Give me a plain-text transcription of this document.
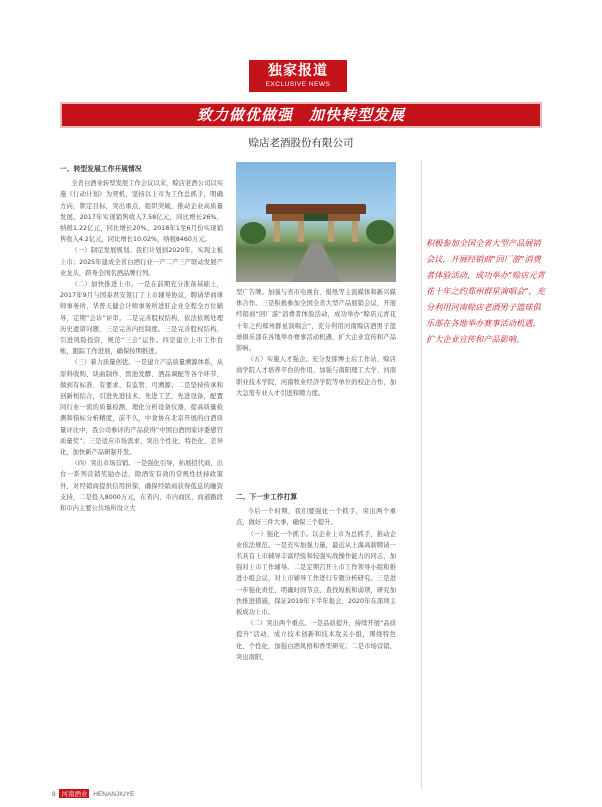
独家报道
EXCLUSIVE NEWS
致力做优做强　加快转型发展
赊店老酒股份有限公司

一、转型发展工作开展情况

全省白酒业转型发展工作会议以来，赊店老酒公司以实施《行动计划》为契机，坚持以上市为工作总抓手，明确方向，锁定目标，突出重点，组织突破，推动企业高质量发展。2017年实现销售收入7.58亿元，同比增长26%，纳税1.22亿元，同比增长20%。2018年1至6月份实现销售收入4.2亿元，同比增长10.02%，纳税8460万元。

（一）制定发展规划。我们计划到2020年，实现主板上市；2025年建成全省白酒行业一产二产三产联动发展产业龙头，跻身全国名酒品牌行列。

（二）加快推进上市。一是在前期充分准备基础上，2017年9月与国泰君安签订了上市辅导协议，聘请华商律师事务所、华普天健会计师事务所进驻企业全程全方位辅导，定期“会诊”评审。二是完善股权结构，依法依规处理历史遗留问题，三是完善内控制度。三是完善股权结构，引进风险投资，规范“三会”运作。四是建立上市工作台帐，跟踪工作进展，确保按期推进。

（三）着力质量创优。一是建立产品质量溯源体系，从原料收购、块曲制作、窖池发酵、酒品调配等各个环节，做到有标准、有要求、有监管、可溯源；二是坚持传承和创新相结合，引进先进技术、先进工艺、先进设备，配置同行业一流的质量检测、理化分析设备仪器，提高质量检测和指标分析精度，前不久，中食协在北京开展的白酒质量评比中，我公司参评的产品获得“中国白酒国家评委感官质量奖”；三是适应市场需求，突出个性化、特色化、差异化，加快新产品研制开发。

（四）突出市场营销。一是强化引导，拓展招代商，出台一系列营销奖励办法，除酒安有效的常规性扶持政策外，对经销商提供信用担保，确保经销商获得低息的融资支持，二是投入8000万元，在省内、市内商区、商道路段和市内主要公共场所设立大

型广告牌。加强与省市电视台、报纸等主流媒体和新兴媒体合作。三是积极参加全国全省大型产品展销会议，开展经销商“回厂游”消费者体验活动，成功举办“赊店元青花十年之约郑州群星演唱会”，充分利用河南赊店酒男子篮球俱乐部在各地举办赛事活动机遇，扩大企业宣传和产品影响。

（五）实施人才强企。充分发挥博士后工作站、赊店商学院人才培养平台的作用，加强与南阳理工大学、河南职业技术学院、河南牧业经济学院等单位的校企合作，加大急需专业人才引进和聘力度。

二、下一步工作打算

今后一个时期，我们要强化一个抓手，突出两个重点，做好三件大事，确保三个提升。

（一）强化一个抓手。以企业上市为总抓手，推动企业依法规范。一是充实加强力量，最近从上海高薪聘请一名具有上市辅导丰富经验和较强实战操作能力的同志，加强对上市工作辅导。二是定期召开上市工作领导小组和推进小组会议，对上市辅导工作进行专题分析研究。三是进一步强化责任，明确时间节点，查找短板和弱项，研究加快推进措施，保证2019年下半年报会，2020年在深圳主板成功上市。

（二）突出两个重点。一是品质提升，持续开展“品质提升”活动，成立技术创新和技术攻关小组，围绕特色化、个性化，加强白酒风格和香型研究；二是市场营销，突出南阳、

积极参加全国全省大型产品展销会议，开展经销商“回厂游”消费者体验活动，成功举办“赊店元青花十年之约郑州群星演唱会”，充分利用河南赊店老酒男子篮球俱乐部在各地举办赛事活动机遇，扩大企业宣传和产品影响。
8 河南酒业 HENANJIUYE
